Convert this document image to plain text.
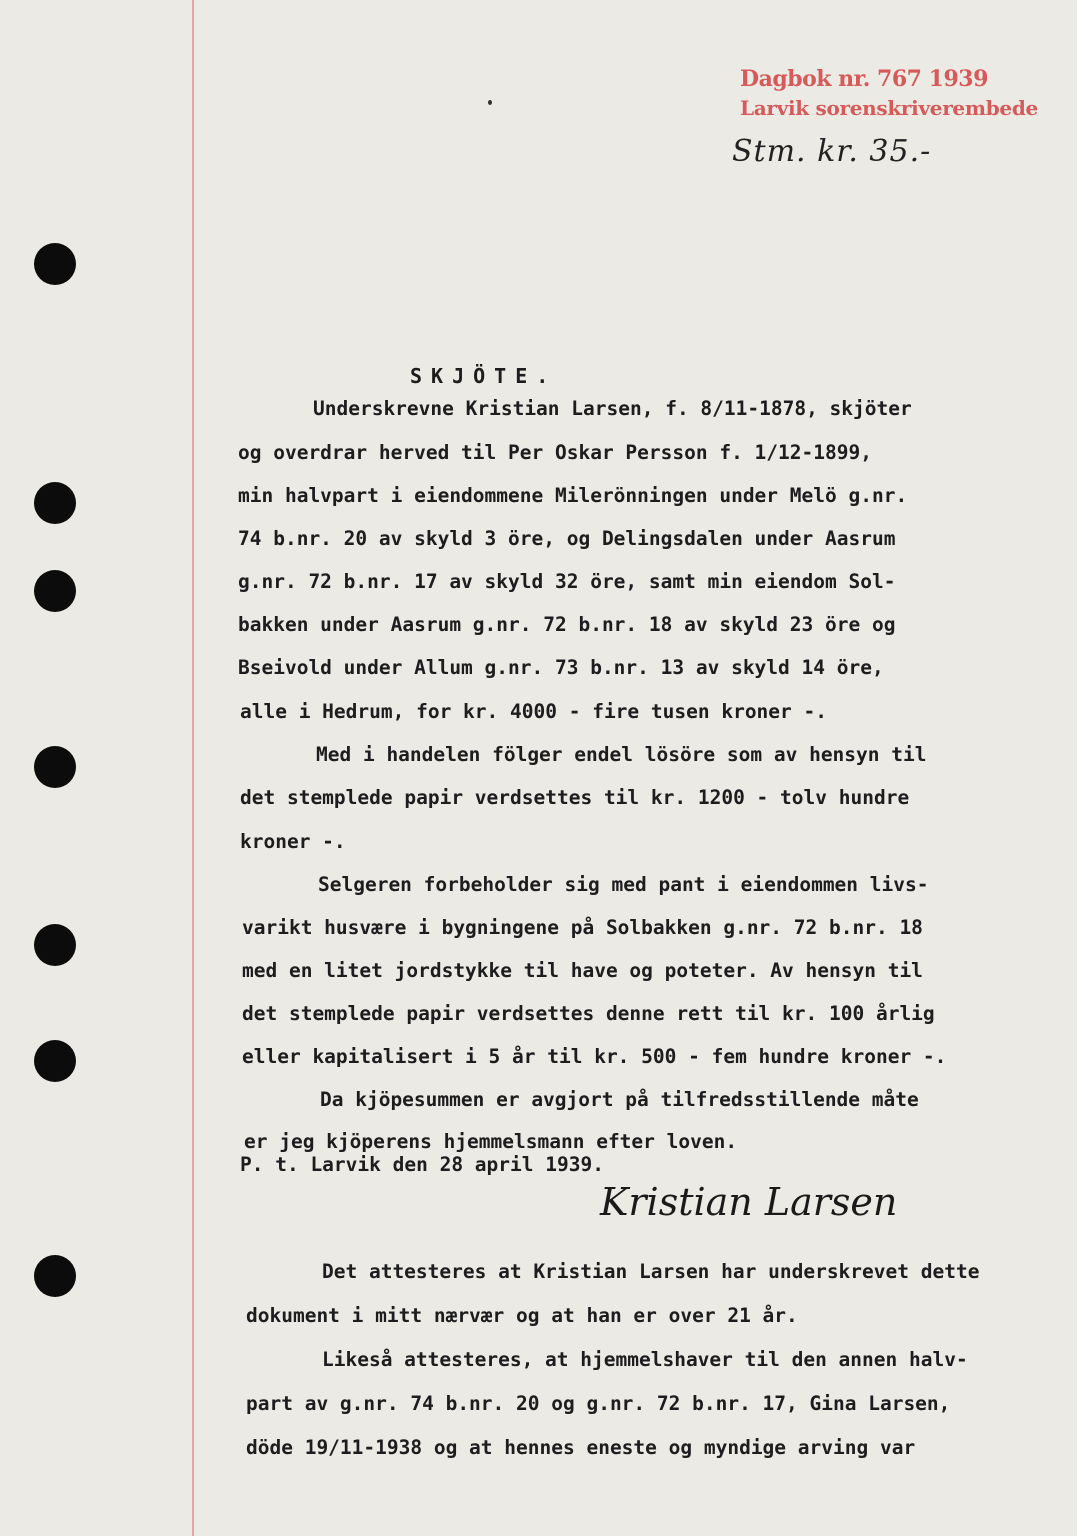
Dagbok nr. 767 1939
Larvik sorenskriverembede
Stm. kr. 35.-
SKJÖTE.
Underskrevne Kristian Larsen, f. 8/11-1878, skjöter
og overdrar herved til Per Oskar Persson f. 1/12-1899,
min halvpart i eiendommene Milerönningen under Melö g.nr.
74 b.nr. 20 av skyld 3 öre, og Delingsdalen under Aasrum
g.nr. 72 b.nr. 17 av skyld 32 öre, samt min eiendom Sol-
bakken under Aasrum g.nr. 72 b.nr. 18 av skyld 23 öre og
Bseivold under Allum g.nr. 73 b.nr. 13 av skyld 14 öre,
alle i Hedrum, for kr. 4000 - fire tusen kroner -.
Med i handelen fölger endel lösöre som av hensyn til
det stemplede papir verdsettes til kr. 1200 - tolv hundre
kroner -.
Selgeren forbeholder sig med pant i eiendommen livs-
varikt husvære i bygningene på Solbakken g.nr. 72 b.nr. 18
med en litet jordstykke til have og poteter. Av hensyn til
det stemplede papir verdsettes denne rett til kr. 100 årlig
eller kapitalisert i 5 år til kr. 500 - fem hundre kroner -.
Da kjöpesummen er avgjort på tilfredsstillende måte
er jeg kjöperens hjemmelsmann efter loven.
P. t. Larvik den 28 april 1939.
Kristian Larsen
Det attesteres at Kristian Larsen har underskrevet dette
dokument i mitt nærvær og at han er over 21 år.
Likeså attesteres, at hjemmelshaver til den annen halv-
part av g.nr. 74 b.nr. 20 og g.nr. 72 b.nr. 17, Gina Larsen,
döde 19/11-1938 og at hennes eneste og myndige arving var
